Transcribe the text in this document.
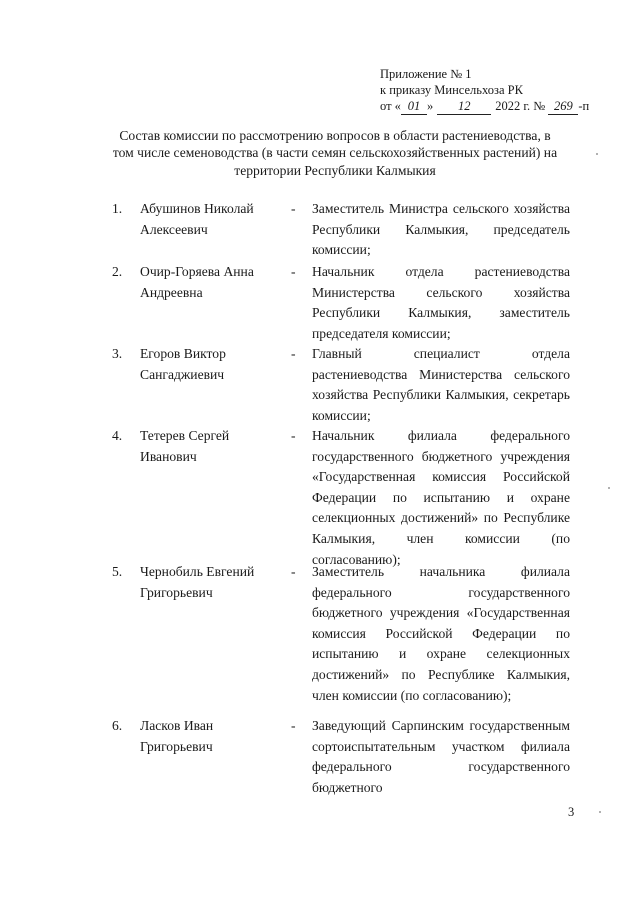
Приложение № 1
к приказу Минсельхоза РК
от « 01 » 12 2022 г. № 269 -п
Состав комиссии по рассмотрению вопросов в области растениеводства, в
том числе семеноводства (в части семян сельскохозяйственных растений) на
территории Республики Калмыкия
1. Абушинов Николай
Алексеевич
- Заместитель Министра сельского хозяйства Республики Калмыкия, председатель комиссии;
2. Очир-Горяева Анна
Андреевна
- Начальник отдела растениеводства Министерства сельского хозяйства Республики Калмыкия, заместитель председателя комиссии;
3. Егоров Виктор
Сангаджиевич
- Главный специалист отдела растениеводства Министерства сельского хозяйства Республики Калмыкия, секретарь комиссии;
4. Тетерев Сергей
Иванович
- Начальник филиала федерального государственного бюджетного учреждения «Государственная комиссия Российской Федерации по испытанию и охране селекционных достижений» по Республике Калмыкия, член комиссии (по согласованию);
5. Чернобиль Евгений
Григорьевич
- Заместитель начальника филиала федерального государственного бюджетного учреждения «Государственная комиссия Российской Федерации по испытанию и охране селекционных достижений» по Республике Калмыкия, член комиссии (по согласованию);
6. Ласков Иван
Григорьевич
- Заведующий Сарпинским государственным сортоиспытательным участком филиала федерального государственного бюджетного
3
